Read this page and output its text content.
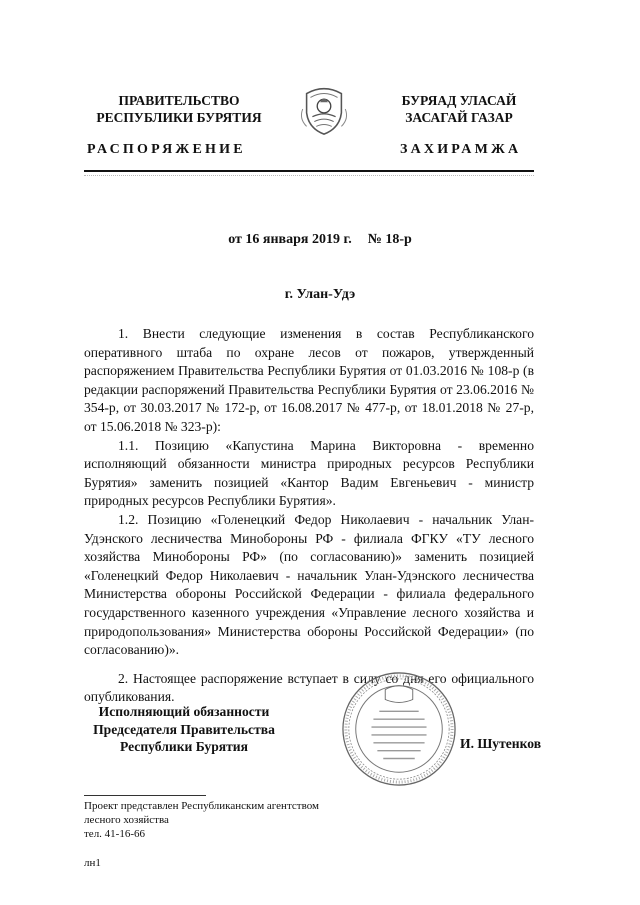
ПРАВИТЕЛЬСТВО
РЕСПУБЛИКИ БУРЯТИЯ
БУРЯАД УЛАСАЙ
ЗАСАГАЙ ГАЗАР
РАСПОРЯЖЕНИЕ	ЗАХИРАМЖА
от 16 января 2019 г. № 18-р
г. Улан-Удэ

1. Внести следующие изменения в состав Республиканского оперативного штаба по охране лесов от пожаров, утвержденный распоряжением Правительства Республики Бурятия от 01.03.2016 № 108-р (в редакции распоряжений Правительства Республики Бурятия от 23.06.2016 № 354-р, от 30.03.2017 № 172-р, от 16.08.2017 № 477-р, от 18.01.2018 № 27-р, от 15.06.2018 № 323-р):

1.1. Позицию «Капустина Марина Викторовна - временно исполняющий обязанности министра природных ресурсов Республики Бурятия» заменить позицией «Кантор Вадим Евгеньевич - министр природных ресурсов Республики Бурятия».

1.2. Позицию «Голенецкий Федор Николаевич - начальник Улан-Удэнского лесничества Минобороны РФ - филиала ФГКУ «ТУ лесного хозяйства Минобороны РФ» (по согласованию)» заменить позицией «Голенецкий Федор Николаевич - начальник Улан-Удэнского лесничества Министерства обороны Российской Федерации - филиала федерального государственного казенного учреждения «Управление лесного хозяйства и природопользования» Министерства обороны Российской Федерации» (по согласованию)».

2. Настоящее распоряжение вступает в силу со дня его официального опубликования.

Исполняющий обязанности
Председателя Правительства
Республики Бурятия	И. Шутенков
Проект представлен Республиканским агентством
лесного хозяйства
тел. 41-16-66
лн1
